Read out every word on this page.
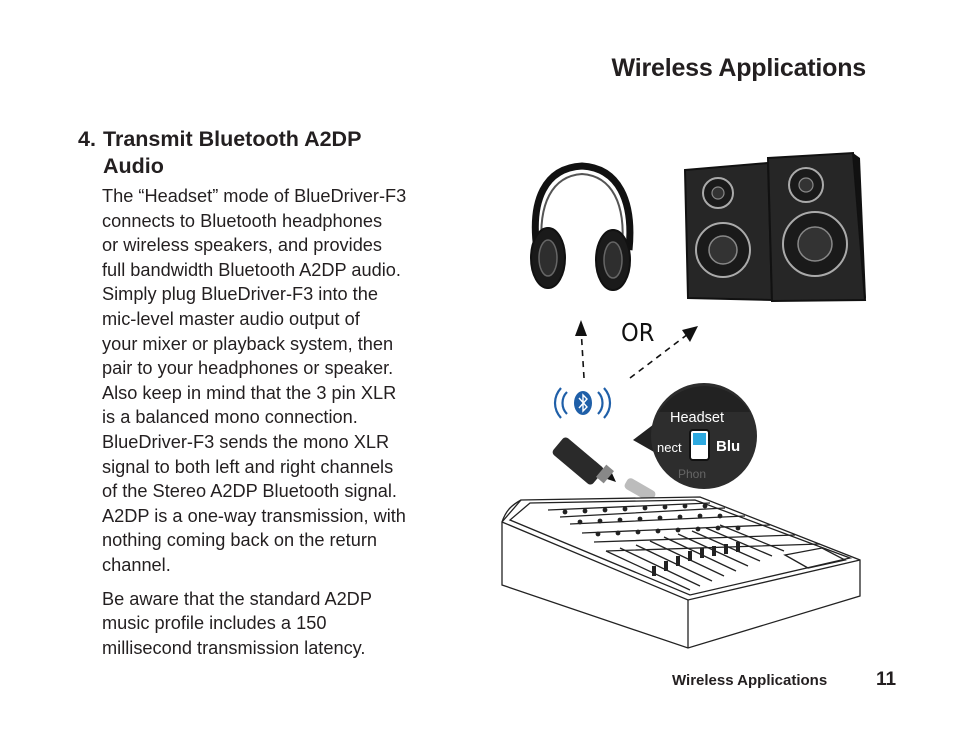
Wireless Applications
4. Transmit Bluetooth A2DP
Audio

The “Headset” mode of BlueDriver-F3
connects to Bluetooth headphones
or wireless speakers, and provides
full bandwidth Bluetooth A2DP audio.
Simply plug BlueDriver-F3 into the
mic-level master audio output of
your mixer or playback system, then
pair to your headphones or speaker.
Also keep in mind that the 3 pin XLR
is a balanced mono connection.
BlueDriver-F3 sends the mono XLR
signal to both left and right channels
of the Stereo A2DP Bluetooth signal.
A2DP is a one-way transmission, with
nothing coming back on the return
channel.

Be aware that the standard A2DP
music profile includes a 150
millisecond transmission latency.

OR
Headset
nect Blu
Phon
Wireless Applications	11
